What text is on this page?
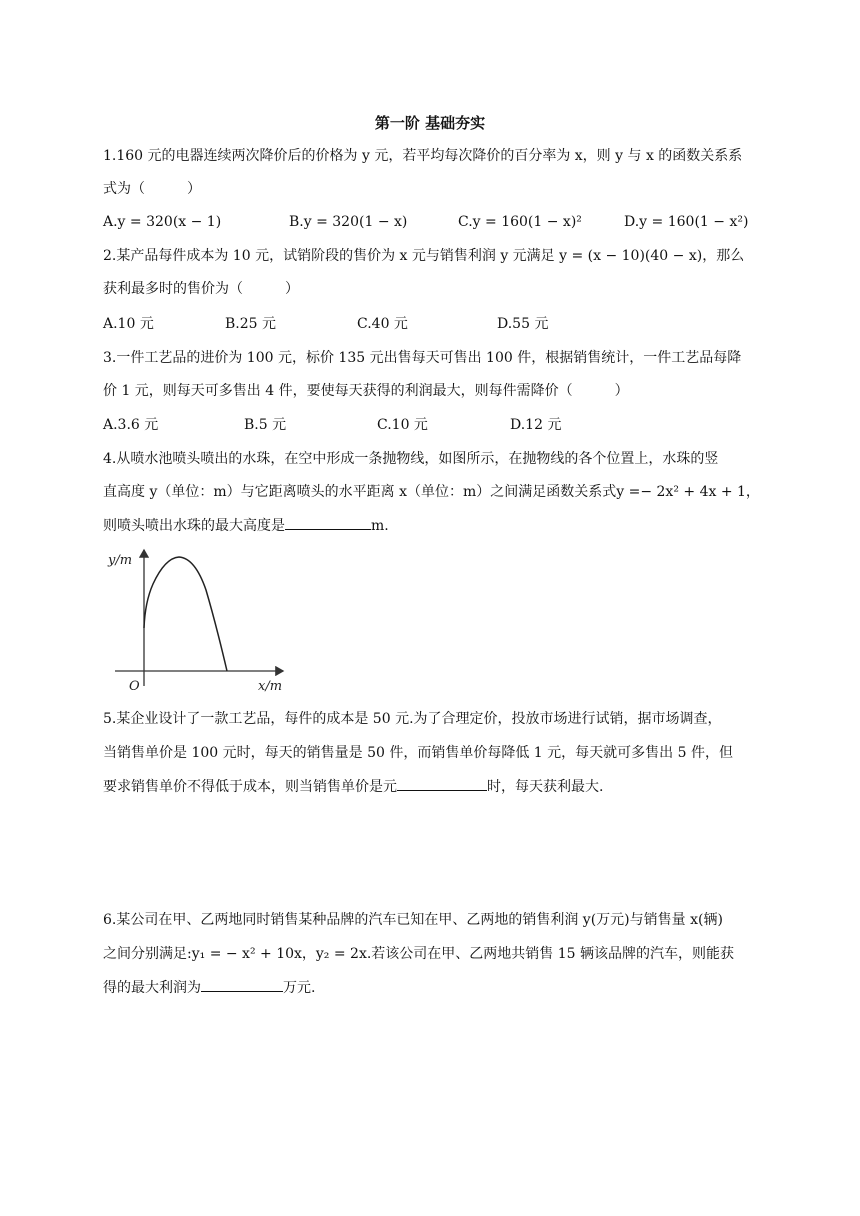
第一阶 基础夯实
1.160 元的电器连续两次降价后的价格为 y 元，若平均每次降价的百分率为 x，则 y 与 x 的函数关系系
式为（　　　）
A.y = 320(x − 1)	B.y = 320(1 − x)	C.y = 160(1 − x)²	D.y = 160(1 − x²)
2.某产品每件成本为 10 元，试销阶段的售价为 x 元与销售利润 y 元满足 y = (x − 10)(40 − x)，那么
获利最多时的售价为（　　　）
A.10 元	B.25 元	C.40 元	D.55 元
3.一件工艺品的进价为 100 元，标价 135 元出售每天可售出 100 件，根据销售统计，一件工艺品每降
价 1 元，则每天可多售出 4 件，要使每天获得的利润最大，则每件需降价（　　　）
A.3.6 元	B.5 元	C.10 元	D.12 元
4.从喷水池喷头喷出的水珠，在空中形成一条抛物线，如图所示，在抛物线的各个位置上，水珠的竖
直高度 y（单位：m）与它距离喷头的水平距离 x（单位：m）之间满足函数关系式y =− 2x² + 4x + 1，
则喷头喷出水珠的最大高度是	m.
y/m
x/m
O
5.某企业设计了一款工艺品，每件的成本是 50 元.为了合理定价，投放市场进行试销，据市场调查，
当销售单价是 100 元时，每天的销售量是 50 件，而销售单价每降低 1 元，每天就可多售出 5 件，但
要求销售单价不得低于成本，则当销售单价是元	时，每天获利最大.
6.某公司在甲、乙两地同时销售某种品牌的汽车已知在甲、乙两地的销售利润 y(万元)与销售量 x(辆)
之间分别满足:y₁ = − x² + 10x，y₂ = 2x.若该公司在甲、乙两地共销售 15 辆该品牌的汽车，则能获
得的最大利润为	万元.
